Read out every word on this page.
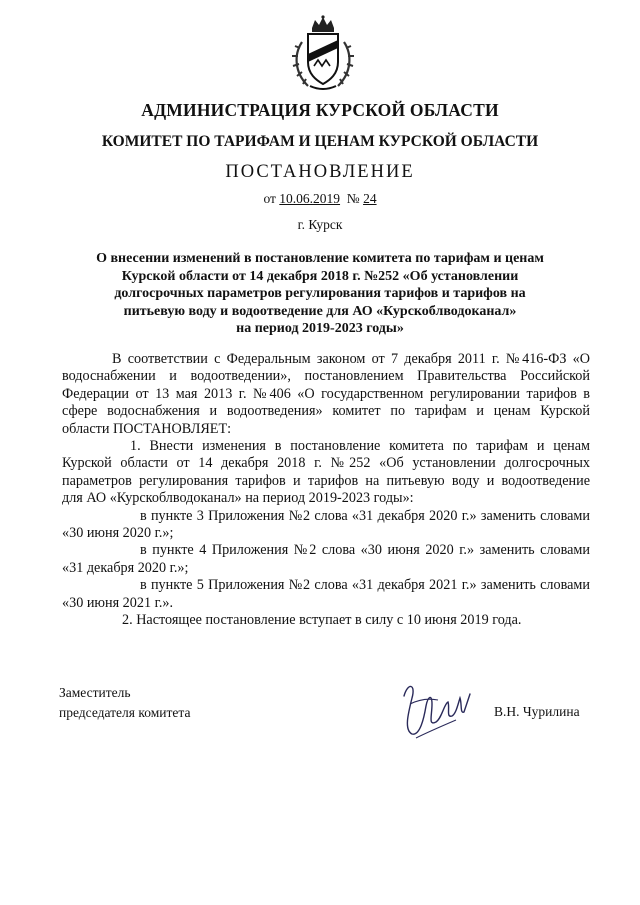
АДМИНИСТРАЦИЯ КУРСКОЙ ОБЛАСТИ
КОМИТЕТ ПО ТАРИФАМ И ЦЕНАМ КУРСКОЙ ОБЛАСТИ
ПОСТАНОВЛЕНИЕ
от 10.06.2019 № 24
г. Курск
О внесении изменений в постановление комитета по тарифам и ценам
Курской области от 14 декабря 2018 г. №252 «Об установлении
долгосрочных параметров регулирования тарифов и тарифов на
питьевую воду и водоотведение для АО «Курскоблводоканал»
на период 2019-2023 годы»
В соответствии с Федеральным законом от 7 декабря 2011 г. №416-ФЗ «О
водоснабжении и водоотведении», постановлением Правительства Российской
Федерации от 13 мая 2013 г. №406 «О государственном регулировании тарифов в
сфере водоснабжения и водоотведения» комитет по тарифам и ценам Курской
области ПОСТАНОВЛЯЕТ:
1. Внести изменения в постановление комитета по тарифам и ценам
Курской области от 14 декабря 2018 г. №252 «Об установлении долгосрочных
параметров регулирования тарифов и тарифов на питьевую воду и водоотведение
для АО «Курскоблводоканал» на период 2019-2023 годы»:
в пункте 3 Приложения №2 слова «31 декабря 2020 г.» заменить словами
«30 июня 2020 г.»;
в пункте 4 Приложения №2 слова «30 июня 2020 г.» заменить словами
«31 декабря 2020 г.»;
в пункте 5 Приложения №2 слова «31 декабря 2021 г.» заменить словами
«30 июня 2021 г.».
2. Настоящее постановление вступает в силу с 10 июня 2019 года.
Заместитель
председателя комитета	В.Н. Чурилина
